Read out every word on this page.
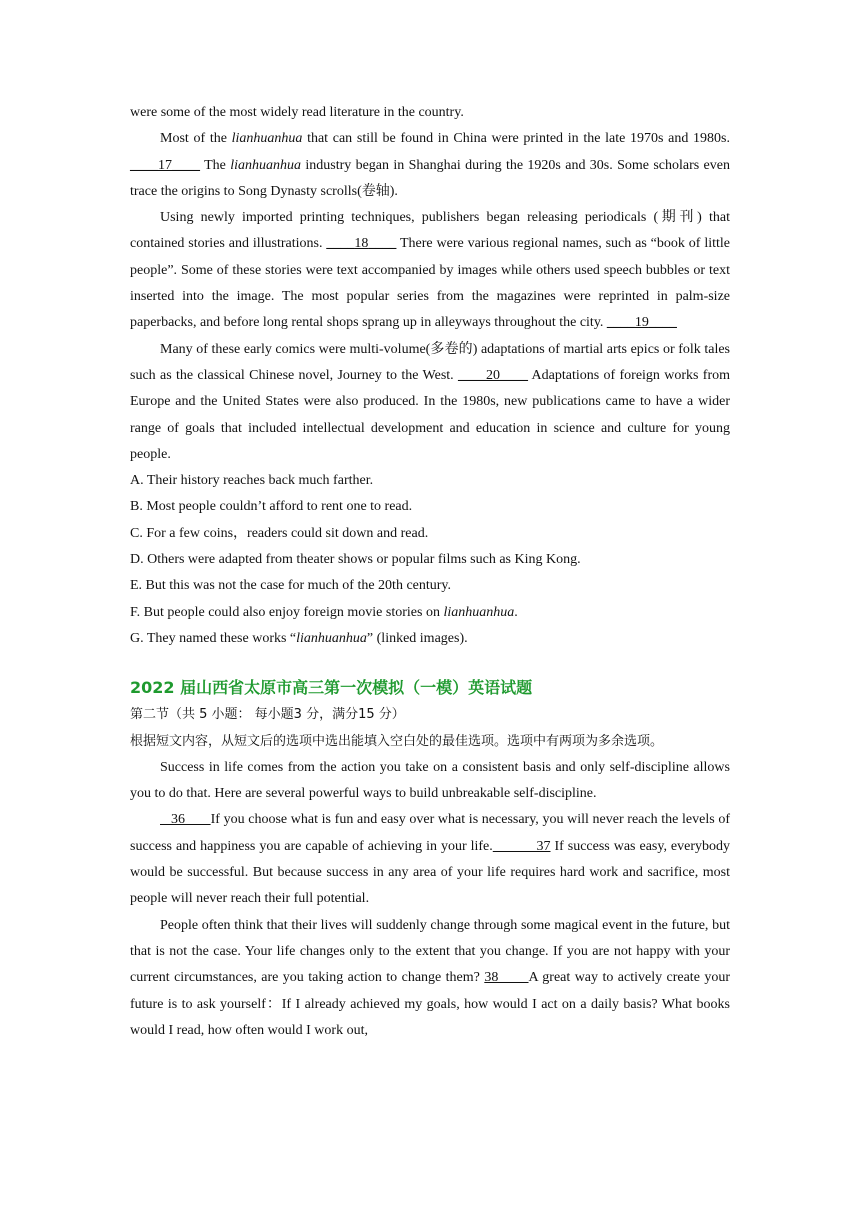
were some of the most widely read literature in the country.

Most of the lianhuanhua that can still be found in China were printed in the late 1970s and 1980s. ____17____ The lianhuanhua industry began in Shanghai during the 1920s and 30s. Some scholars even trace the origins to Song Dynasty scrolls(卷轴).

Using newly imported printing techniques, publishers began releasing periodicals (期刊) that contained stories and illustrations. ____18____ There were various regional names, such as “book of little people”. Some of these stories were text accompanied by images while others used speech bubbles or text inserted into the image. The most popular series from the magazines were reprinted in palm-size paperbacks, and before long rental shops sprang up in alleyways throughout the city. ____19____

Many of these early comics were multi-volume(多卷的) adaptations of martial arts epics or folk tales such as the classical Chinese novel, Journey to the West. ____20____ Adaptations of foreign works from Europe and the United States were also produced. In the 1980s, new publications came to have a wider range of goals that included intellectual development and education in science and culture for young people.

A. Their history reaches back much farther.

B. Most people couldn’t afford to rent one to read.

C. For a few coins，readers could sit down and read.

D. Others were adapted from theater shows or popular films such as King Kong.

E. But this was not the case for much of the 20th century.

F. But people could also enjoy foreign movie stories on lianhuanhua.

G. They named these works “lianhuanhua” (linked images).

2022 届山西省太原市高三第一次模拟（一模）英语试题

第二节（共 5 小题： 每小题3 分，满分15 分）

根据短文内容，从短文后的选项中选出能填入空白处的最佳选项。选项中有两项为多余选项。

Success in life comes from the action you take on a consistent basis and only self-discipline allows you to do that. Here are several powerful ways to build unbreakable self-discipline.

36       If you choose what is fun and easy over what is necessary, you will never reach the levels of success and happiness you are capable of achieving in your life.           37 If success was easy, everybody would be successful. But because success in any area of your life requires hard work and sacrifice, most people will never reach their full potential.

People often think that their lives will suddenly change through some magical event in the future, but that is not the case. Your life changes only to the extent that you change. If you are not happy with your current circumstances, are you taking action to change them? 38       A great way to actively create your future is to ask yourself：If I already achieved my goals, how would I act on a daily basis? What books would I read, how often would I work out,
